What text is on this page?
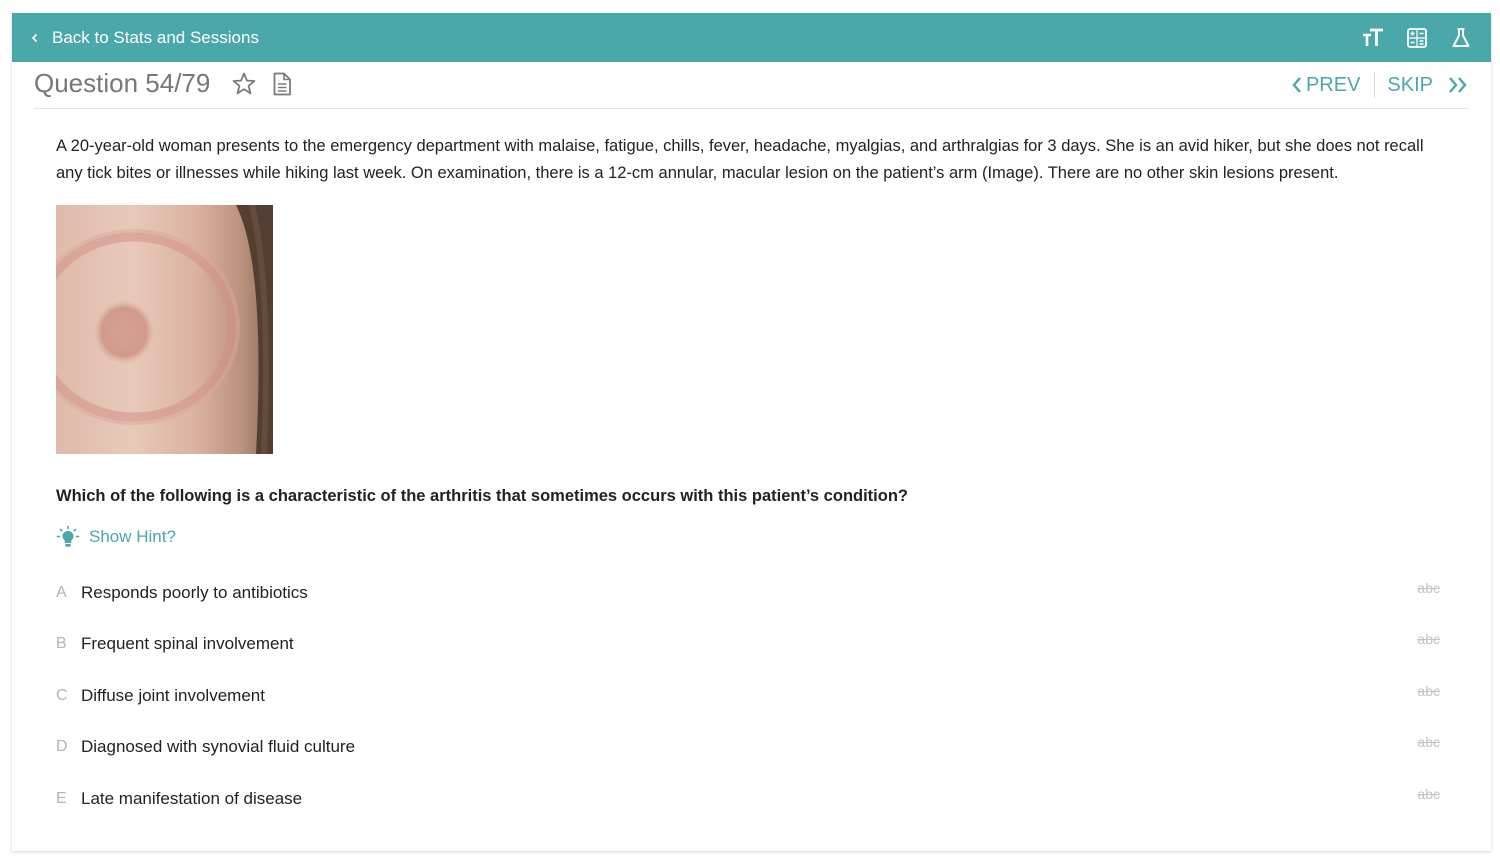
Back to Stats and Sessions
Question 54/79	PREV SKIP
A 20-year-old woman presents to the emergency department with malaise, fatigue, chills, fever, headache, myalgias, and arthralgias for 3 days. She is an avid hiker, but she does not recall any tick bites or illnesses while hiking last week. On examination, there is a 12-cm annular, macular lesion on the patient’s arm (Image). There are no other skin lesions present.
Which of the following is a characteristic of the arthritis that sometimes occurs with this patient’s condition?
Show Hint?
A Responds poorly to antibiotics	abc
B Frequent spinal involvement	abc
C Diffuse joint involvement	abc
D Diagnosed with synovial fluid culture	abc
E Late manifestation of disease	abc
